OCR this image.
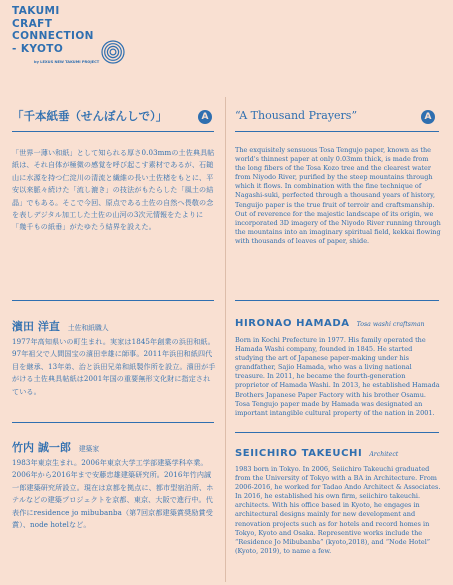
TAKUMI
CRAFT
CONNECTION
- KYOTO
by LEXUS NEW TAKUMI PROJECT
「千本紙垂（せんぼんしで）」	A	“A Thousand Prayers”	A
「世界一薄い和紙」として知られる厚さ0.03mmの土佐典具帖紙は、それ自体が極微の感覚を呼び起こす素材であるが、石鎚山に水源を持つ仁淀川の清流と繊維の長い土佐楮をもとに、平安以来脈々続けた「流し漉き」の技法がもたらした「風土の結晶」でもある。そこで今回、原点である土佐の自然へ畏敬の念を表しデジタル加工した土佐の山河の3次元情報をたよりに「幾千もの紙垂」がたゆたう結界を設えた。
The exquisitely sensuous Tosa Tengujo paper, known as the world's thinnest paper at only 0.03mm thick, is made from the long fibers of the Tosa Kozo tree and the clearest water from Niyodo River, purified by the steep mountains through which it flows. In combination with the fine technique of Nagashi-suki, perfected through a thousand years of history, Tenguijo paper is the true fruit of terroir and craftsmanship. Out of reverence for the majestic landscape of its origin, we incorporated 3D imagery of the Niyodo River running through the mountains into an imaginary spiritual field, kekkai flowing with thousands of leaves of paper, shide.
濱田 洋直 土佐和紙職人	HIRONAO HAMADA Tosa washi craftsman
1977年高知県いの町生まれ。実家は1845年創業の浜田和紙。97年祖父で人間国宝の濱田幸雄に師事。2011年浜田和紙四代目を継承、13年弟、治と浜田兄弟和紙製作所を設立。濱田が手がける土佐典具帖紙は2001年国の重要無形文化財に指定されている。
Born in Kochi Prefecture in 1977. His family operated the Hamada Washi company, founded in 1845. He started studying the art of Japanese paper-making under his grandfather, Sajio Hamada, who was a living national treasure. In 2011, he became the fourth-generation proprietor of Hamada Washi. In 2013, he established Hamada Brothers Japanese Paper Factory with his brother Osamu. Tosa Tengujo paper made by Hamada was designated an important intangible cultural property of the nation in 2001.
竹内 誠一郎 建築家	SEIICHIRO TAKEUCHI Architect
1983年東京生まれ。2006年東京大学工学部建築学科卒業。2006年から2016年まで安藤忠雄建築研究所。2016年竹内誠一郎建築研究所設立。現在は京都を拠点に、都市型宿泊所、ホテルなどの建築プロジェクトを京都、東京、大阪で進行中。代表作にresidence jo mibubanba（第7回京都建築賞奨励賞受賞）、node hotelなど。
1983 born in Tokyo. In 2006, Seiichiro Takeuchi graduated from the University of Tokyo with a BA in Architecture. From 2006-2016, he worked for Tadao Ando Architect & Associates. In 2016, he established his own firm, seiichiro takeuchi. architects. With his office based in Kyoto, he engages in architectural designs mainly for new development and renovation projects such as for hotels and record homes in Tokyo, Kyoto and Osaka. Representive works include the “Residence Jo Mibubanba” (kyoto,2018), and “Node Hotel” (Kyoto, 2019), to name a few.
